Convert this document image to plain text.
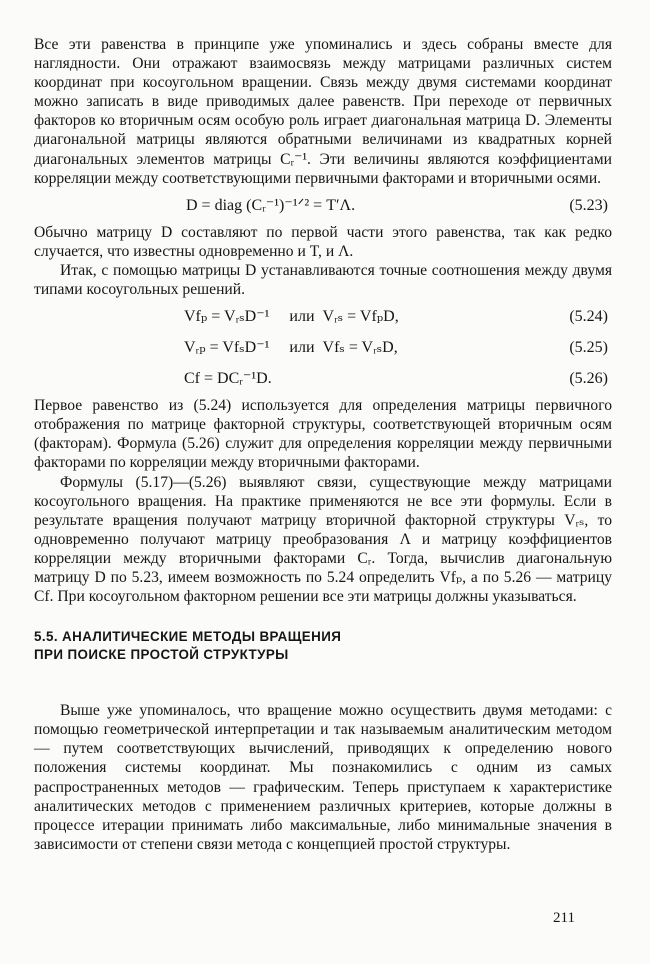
Все эти равенства в принципе уже упоминались и здесь собраны вместе для наглядности. Они отражают взаимосвязь между матрицами различных систем координат при косоугольном вращении. Связь между двумя системами координат можно записать в виде приводимых далее равенств. При переходе от первичных факторов ко вторичным осям особую роль играет диагональная матрица D. Элементы диагональной матрицы являются обратными величинами из квадратных корней диагональных элементов матрицы Cᵣ⁻¹. Эти величины являются коэффициентами корреляции между соответствующими первичными факторами и вторичными осями.

D = diag (Cᵣ⁻¹)⁻¹ᐟ² = T′Λ.	(5.23)

Обычно матрицу D составляют по первой части этого равенства, так как редко случается, что известны одновременно и T, и Λ.

Итак, с помощью матрицы D устанавливаются точные соотношения между двумя типами косоугольных решений.

Vfₚ = VᵣₛD⁻¹     или  Vᵣₛ = VfₚD,	(5.24)
Vᵣₚ = VfₛD⁻¹     или  Vfₛ = VᵣₛD,	(5.25)
Cf = DCᵣ⁻¹D.	(5.26)

Первое равенство из (5.24) используется для определения матрицы первичного отображения по матрице факторной структуры, соответствующей вторичным осям (факторам). Формула (5.26) служит для определения корреляции между первичными факторами по корреляции между вторичными факторами.

Формулы (5.17)—(5.26) выявляют связи, существующие между матрицами косоугольного вращения. На практике применяются не все эти формулы. Если в результате вращения получают матрицу вторичной факторной структуры Vᵣₛ, то одновременно получают матрицу преобразования Λ и матрицу коэффициентов корреляции между вторичными факторами Cᵣ. Тогда, вычислив диагональную матрицу D по 5.23, имеем возможность по 5.24 определить Vfₚ, а по 5.26 — матрицу Cf. При косоугольном факторном решении все эти матрицы должны указываться.

5.5. АНАЛИТИЧЕСКИЕ МЕТОДЫ ВРАЩЕНИЯ
ПРИ ПОИСКЕ ПРОСТОЙ СТРУКТУРЫ

Выше уже упоминалось, что вращение можно осуществить двумя методами: с помощью геометрической интерпретации и так называемым аналитическим методом — путем соответствующих вычислений, приводящих к определению нового положения системы координат. Мы познакомились с одним из самых распространенных методов — графическим. Теперь приступаем к характеристике аналитических методов с применением различных критериев, которые должны в процессе итерации принимать либо максимальные, либо минимальные значения в зависимости от степени связи метода с концепцией простой структуры.

211
